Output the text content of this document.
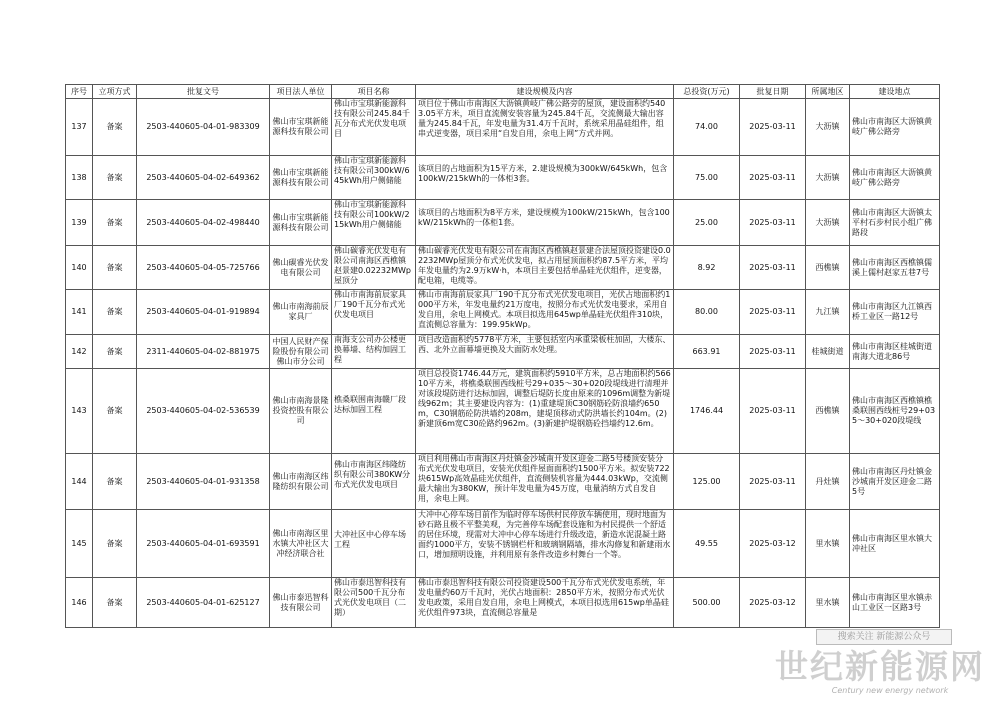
序号	立项方式	批复文号	项目法人单位	项目名称	建设规模及内容	总投资(万元)	批复日期	所属地区	建设地点
137	备案	2503-440605-04-01-983309	佛山市宝琪新能源科技有限公司	佛山市宝琪新能源科技有限公司245.84千瓦分布式光伏发电项目	项目位于佛山市南海区大沥镇黄岐广佛公路旁的屋顶，建设面积约5403.05平方米，项目直流侧安装容量为245.84千瓦，交流侧最大输出容量为245.84千瓦，年发电量为31.4万千瓦时，系统采用晶硅组件，组串式逆变器，项目采用“自发自用，余电上网”方式并网。	74.00	2025-03-11	大沥镇	佛山市南海区大沥镇黄岐广佛公路旁
138	备案	2503-440605-04-02-649362	佛山市宝琪新能源科技有限公司	佛山市宝琪新能源科技有限公司300kW/645kWh用户侧储能	该项目的占地面积为15平方米，2.建设规模为300kW/645kWh，包含100kW/215kWh的一体柜3套。	75.00	2025-03-11	大沥镇	佛山市南海区大沥镇黄岐广佛公路旁
139	备案	2503-440605-04-02-498440	佛山市宝琪新能源科技有限公司	佛山市宝琪新能源科技有限公司100kW/215kWh用户侧储能	该项目的占地面积为8平方米，建设规模为100kW/215kWh，包含100kW/215kWh的一体柜1套。	25.00	2025-03-11	大沥镇	佛山市南海区大沥镇太平村石步村民小组广佛路段
140	备案	2503-440605-04-05-725766	佛山碳睿光伏发电有限公司	佛山碳睿光伏发电有限公司南海区西樵镇赵景建0.02232MWp屋顶分	佛山碳睿光伏发电有限公司在南海区西樵镇赵景建合法屋顶投资建设0.02232MWp屋顶分布式光伏发电，拟占用屋顶面积约87.5平方米，平均年发电量约为2.9万kW·h，本项目主要包括单晶硅光伏组件，逆变器，配电箱，电缆等。	8.92	2025-03-11	西樵镇	佛山市南海区西樵镇儒溪上儒村赵家五巷7号
141	备案	2503-440605-04-01-919894	佛山市南海前辰家具厂	佛山市南海前辰家具厂190千瓦分布式光伏发电项目	佛山市南海前辰家具厂190千瓦分布式光伏发电项目，光伏占地面积约1000平方米，年发电量约21万度电，按照分布式光伏发电要求，采用自发自用，余电上网模式。本项目拟选用645wp单晶硅光伏组件310块，直流侧总容量为：199.95kWp。	80.00	2025-03-11	九江镇	佛山市南海区九江镇西桥工业区一路12号
142	备案	2311-440605-04-02-881975	中国人民财产保险股份有限公司佛山市分公司	南海支公司办公楼更换幕墙、结构加固工程	项目改造面积约5778平方米，主要包括室内承重梁板柱加固，大楼东、西、北外立面幕墙更换及大面防水处理。	663.91	2025-03-11	桂城街道	佛山市南海区桂城街道南海大道北86号
143	备案	2503-440605-04-02-536539	佛山市南海景隆投资控股有限公司	樵桑联围南海赣厂段达标加固工程	项目总投资1746.44万元，建筑面积约5910平方米，总占地面积约56610平方米，将樵桑联围西线桩号29+035～30+020段堤线进行清理并对该段堤防进行达标加固，调整后堤防长度由原来的1096m调整为新堤线962m；其主要建设内容为：(1)重建堤顶C30钢筋砼防浪墙约650m，C30钢筋砼防洪墙约208m，建堤顶移动式防洪墙长约104m。(2)新建顶6m宽C30砼路约962m。(3)新建护堤钢筋砼挡墙约12.6m。	1746.44	2025-03-11	西樵镇	佛山市南海区西樵镇樵桑联围西线桩号29+035～30+020段堤线
144	备案	2503-440605-04-01-931358	佛山市南海区纬隆纺织有限公司	佛山市南海区纬隆纺织有限公司380KW分布式光伏发电项目	项目利用佛山市南海区丹灶镇金沙城南开发区迎金二路5号楼顶安装分布式光伏发电项目，安装光伏组件屋面面积约1500平方米。拟安装722块615Wp高效晶硅光伏组件，直流侧装机容量为444.03kWp，交流侧最大输出为380KW，预计年发电量为45万度，电量消纳方式自发自用，余电上网。	125.00	2025-03-11	丹灶镇	佛山市南海区丹灶镇金沙城南开发区迎金二路5号
145	备案	2503-440605-04-01-693591	佛山市南海区里水镇大冲社区大冲经济联合社	大冲社区中心停车场工程	大冲中心停车场目前作为临时停车场供村民停放车辆使用，现时地面为砂石路且极不平整美观，为完善停车场配套设施和为村民提供一个舒适的居住环境，现需对大冲中心停车场进行升级改造，新造水泥混凝土路面约1000平方，安装不锈钢栏杆和玻璃钢隔墙，排水沟修复和新建雨水口，增加照明设施，并利用原有条件改造乡村舞台一个等。	49.55	2025-03-12	里水镇	佛山市南海区里水镇大冲社区
146	备案	2503-440605-04-01-625127	佛山市泰迅智科技有限公司	佛山市泰迅智科技有限公司500千瓦分布式光伏发电项目（二期）	佛山市泰迅智科技有限公司投资建设500千瓦分布式光伏发电系统，年发电量约60万千瓦时，光伏占地面积：2850平方米，按照分布式光伏发电政策，采用自发自用，余电上网模式，本项目拟选用615wp单晶硅光伏组件973块，直流侧总容量是	500.00	2025-03-12	里水镇	佛山市南海区里水镇赤山工业区一区路3号
搜索关注 新能源公众号
世纪新能源网
Century new energy network
